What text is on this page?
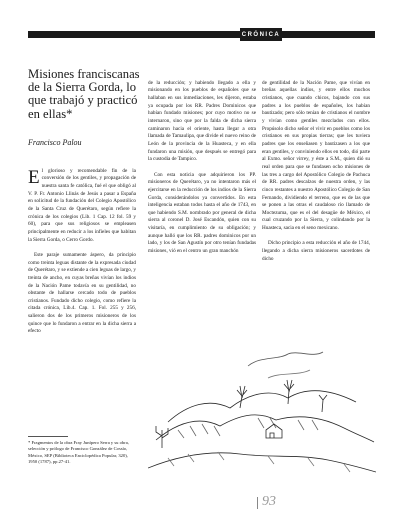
CRÓNICA
Misiones franciscanas de la Sierra Gorda, lo que trabajó y practicó en ellas*
Francisco Palou

El glorioso y recomendable fin de la conversión de los gentiles, y propagación de nuestra santa fe católica, fué el que obligó al V. P. Fr. Antonio Llinás de Jesús a pasar a España en solicitud de la fundación del Colegio Apostólico de la Santa Cruz de Querétaro, según refiere la crónica de los colegios (Lib. 1 Cap. 12 fol. 59 y 60), para que sus religiosos se empleasen principalmente en reducir a los infieles que habitan la Sierra Gorda, o Cerro Gordo.

Este paraje sumamente áspero, da principio como treinta leguas distante de la expresada ciudad de Querétaro, y se extiende a cien leguas de largo, y treinta de ancho, en cuyas breñas vivían los indios de la Nación Pame todavía en su gentilidad, no obstante de hallarse cercado todo de pueblos cristianos. Fundado dicho colegio, como refiere la citada crónica, Lib.4. Cap. 1. Fol. 255 y 256, salieron dos de los primeros misioneros de los quince que lo fundaron a entrar en la dicha sierra a efecto

de la reducción; y habiendo llegado a ella y misionando en los pueblos de españoles que se hallaban en sus inmediaciones, les dijeron, estaba ya ocupada por los RR. Padres Dominicos que habían fundado misiones; por cuyo motivo no se internaron, sino que por la falda de dicha sierra caminaron hacia el oriente, hasta llegar a otra llamada de Tamaulipa, que divide el nuevo reino de León de la provincia de la Huasteca, y en ella fundaron una misión, que después se entregó para la custodia de Tampico.

Con esta noticia que adquirieron los PP. misioneros de Querétaro, ya no intentaron más el ejercitarse en la reducción de los indios de la Sierra Gorda, considerándolos ya convertidos. En esta inteligencia estaban todos hasta el año de 1743, en que habiendo S.M. nombrado por general de dicha sierra al coronel D. José Escandón, quien con su visitaría, en cumplimiento de su obligación; y aunque halló que los RR. padres dominicos por un lado, y los de San Agustín por otro tenían fundadas misiones, vió en el centro un gran manchón

de gentilidad de la Nación Pame, que vivían en breñas aquellas indios, y entre ellos muchos cristianos, que cuando chicos, bajando con sus padres a los pueblos de españoles, los habían bautizado; pero sólo tenían de cristianos el nombre y vivían como gentiles mezclados con ellos. Propúsolo dicho señor el vivir en pueblos como los cristianos en sus propias tierras; que les tuviera padres que los enseñasen y bautizasen a los que eran gentiles, y conviniendo ellos en todo, dió parte al Exmo. señor virrey, y éste a S.M., quien dió su real orden para que se fundasen ocho misiones de las tres a cargo del Apostólico Colegio de Pachuca de RR. padres descalzos de nuestra orden, y las cinco restantes a nuestro Apostólico Colegio de San Fernando, dividiendo el terreno, que es de las que se ponen a las otras el caudaloso río llamado de Moctezuma, que es el del desagüe de México, el cual cruzando por la Sierra, y colindando por la Huasteca, sacia en el seno mexicano.

Dicho principio a esta reducción el año de 1744, llegando a dicha sierra misioneros sacerdotes de dicho

* Fragmentos de la obra Fray Junípero Serra y su obra, selección y prólogo de Francisco González de Cossío, México, SEP (Biblioteca Enciclopédica Popular, 320), 1950 (1787), pp.27-41.
93
